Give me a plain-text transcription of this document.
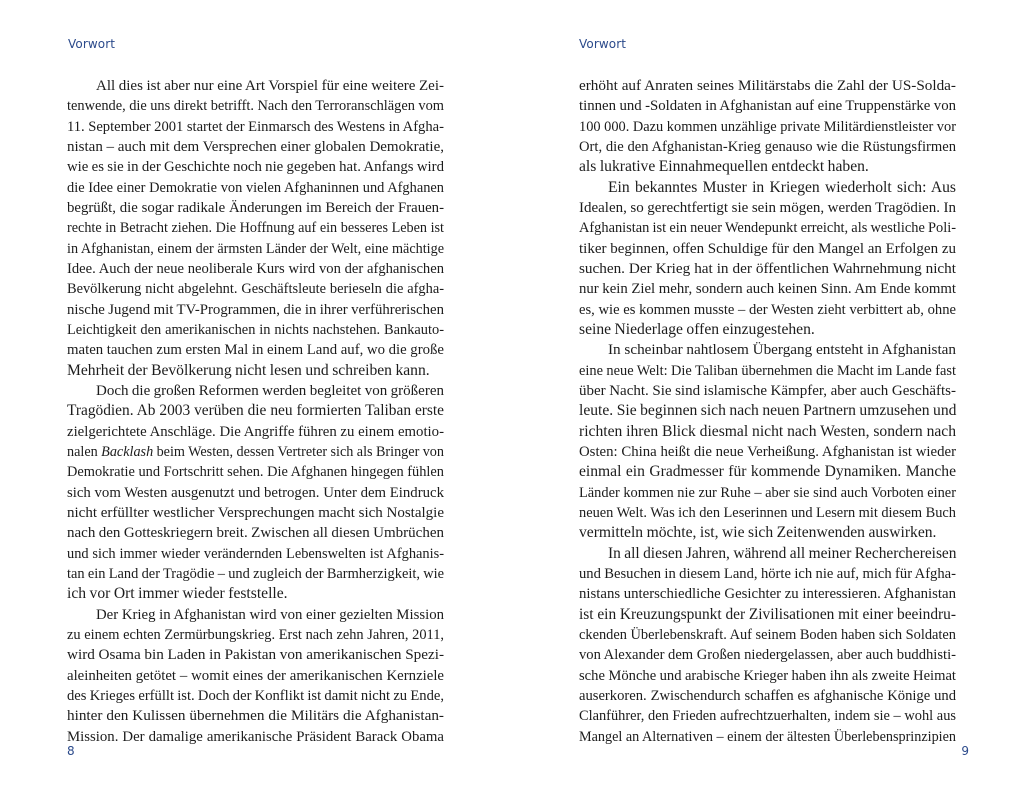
Vorwort
All dies ist aber nur eine Art Vorspiel für eine weitere Zei-
tenwende, die uns direkt betrifft. Nach den Terroranschlägen vom
11. September 2001 startet der Einmarsch des Westens in Afgha-
nistan – auch mit dem Versprechen einer globalen Demokratie,
wie es sie in der Geschichte noch nie gegeben hat. Anfangs wird
die Idee einer Demokratie von vielen Afghaninnen und Afghanen
begrüßt, die sogar radikale Änderungen im Bereich der Frauen-
rechte in Betracht ziehen. Die Hoffnung auf ein besseres Leben ist
in Afghanistan, einem der ärmsten Länder der Welt, eine mächtige
Idee. Auch der neue neoliberale Kurs wird von der afghanischen
Bevölkerung nicht abgelehnt. Geschäftsleute berieseln die afgha-
nische Jugend mit TV-Programmen, die in ihrer verführerischen
Leichtigkeit den amerikanischen in nichts nachstehen. Bankauto-
maten tauchen zum ersten Mal in einem Land auf, wo die große
Mehrheit der Bevölkerung nicht lesen und schreiben kann.
Doch die großen Reformen werden begleitet von größeren
Tragödien. Ab 2003 verüben die neu formierten Taliban erste
zielgerichtete Anschläge. Die Angriffe führen zu einem emotio-
nalen Backlash beim Westen, dessen Vertreter sich als Bringer von
Demokratie und Fortschritt sehen. Die Afghanen hingegen fühlen
sich vom Westen ausgenutzt und betrogen. Unter dem Eindruck
nicht erfüllter westlicher Versprechungen macht sich Nostalgie
nach den Gotteskriegern breit. Zwischen all diesen Umbrüchen
und sich immer wieder verändernden Lebenswelten ist Afghanis-
tan ein Land der Tragödie – und zugleich der Barmherzigkeit, wie
ich vor Ort immer wieder feststelle.
Der Krieg in Afghanistan wird von einer gezielten Mission
zu einem echten Zermürbungskrieg. Erst nach zehn Jahren, 2011,
wird Osama bin Laden in Pakistan von amerikanischen Spezi-
aleinheiten getötet – womit eines der amerikanischen Kernziele
des Krieges erfüllt ist. Doch der Konflikt ist damit nicht zu Ende,
hinter den Kulissen übernehmen die Militärs die Afghanistan-
Mission. Der damalige amerikanische Präsident Barack Obama
8
Vorwort
erhöht auf Anraten seines Militärstabs die Zahl der US-Solda-
tinnen und -Soldaten in Afghanistan auf eine Truppenstärke von
100 000. Dazu kommen unzählige private Militärdienstleister vor
Ort, die den Afghanistan-Krieg genauso wie die Rüstungsfirmen
als lukrative Einnahmequellen entdeckt haben.
Ein bekanntes Muster in Kriegen wiederholt sich: Aus
Idealen, so gerechtfertigt sie sein mögen, werden Tragödien. In
Afghanistan ist ein neuer Wendepunkt erreicht, als westliche Poli-
tiker beginnen, offen Schuldige für den Mangel an Erfolgen zu
suchen. Der Krieg hat in der öffentlichen Wahrnehmung nicht
nur kein Ziel mehr, sondern auch keinen Sinn. Am Ende kommt
es, wie es kommen musste – der Westen zieht verbittert ab, ohne
seine Niederlage offen einzugestehen.
In scheinbar nahtlosem Übergang entsteht in Afghanistan
eine neue Welt: Die Taliban übernehmen die Macht im Lande fast
über Nacht. Sie sind islamische Kämpfer, aber auch Geschäfts-
leute. Sie beginnen sich nach neuen Partnern umzusehen und
richten ihren Blick diesmal nicht nach Westen, sondern nach
Osten: China heißt die neue Verheißung. Afghanistan ist wieder
einmal ein Gradmesser für kommende Dynamiken. Manche
Länder kommen nie zur Ruhe – aber sie sind auch Vorboten einer
neuen Welt. Was ich den Leserinnen und Lesern mit diesem Buch
vermitteln möchte, ist, wie sich Zeitenwenden auswirken.
In all diesen Jahren, während all meiner Recherchereisen
und Besuchen in diesem Land, hörte ich nie auf, mich für Afgha-
nistans unterschiedliche Gesichter zu interessieren. Afghanistan
ist ein Kreuzungspunkt der Zivilisationen mit einer beeindru-
ckenden Überlebenskraft. Auf seinem Boden haben sich Soldaten
von Alexander dem Großen niedergelassen, aber auch buddhisti-
sche Mönche und arabische Krieger haben ihn als zweite Heimat
auserkoren. Zwischendurch schaffen es afghanische Könige und
Clanführer, den Frieden aufrechtzuerhalten, indem sie – wohl aus
Mangel an Alternativen – einem der ältesten Überlebensprinzipien
9
